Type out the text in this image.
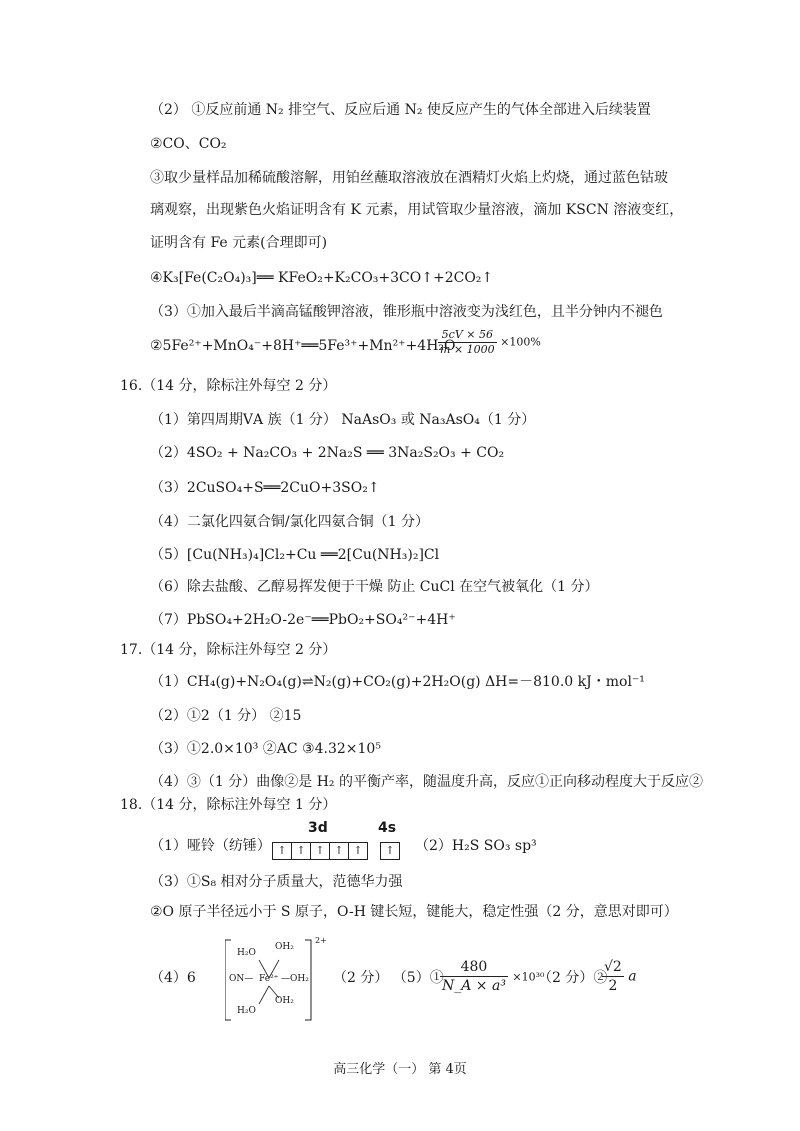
（2） ①反应前通 N₂ 排空气、反应后通 N₂ 使反应产生的气体全部进入后续装置
②CO、CO₂
③取少量样品加稀硫酸溶解，用铂丝蘸取溶液放在酒精灯火焰上灼烧，通过蓝色钴玻
璃观察，出现紫色火焰证明含有 K 元素，用试管取少量溶液，滴加 KSCN 溶液变红，
证明含有 Fe 元素(合理即可)
④K₃[Fe(C₂O₄)₃]══ KFeO₂+K₂CO₃+3CO↑+2CO₂↑
（3）①加入最后半滴高锰酸钾溶液，锥形瓶中溶液变为浅红色，且半分钟内不褪色
②5Fe²⁺+MnO₄⁻+8H⁺══5Fe³⁺+Mn²⁺+4H₂O
$\frac{5cV \times 56}{m \times 1000} \times 100\%$
16.（14 分，除标注外每空 2 分）
（1）第四周期ⅤA 族（1 分） NaAsO₃ 或 Na₃AsO₄（1 分）
（2）4SO₂ + Na₂CO₃ + 2Na₂S ══ 3Na₂S₂O₃ + CO₂
（3）2CuSO₄+S══2CuO+3SO₂↑
（4）二氯化四氨合铜/氯化四氨合铜（1 分）
（5）[Cu(NH₃)₄]Cl₂+Cu ══2[Cu(NH₃)₂]Cl
（6）除去盐酸、乙醇易挥发便于干燥 防止 CuCl 在空气被氧化（1 分）
（7）PbSO₄+2H₂O-2e⁻══PbO₂+SO₄²⁻+4H⁺
17.（14 分，除标注外每空 2 分）
（1）CH₄(g)+N₂O₄(g)⇌N₂(g)+CO₂(g)+2H₂O(g) ΔH=－810.0 kJ・mol⁻¹
（2）①2（1 分） ②15
（3）①2.0×10³ ②AC ③4.32×10⁵
（4）③（1 分）曲像②是 H₂ 的平衡产率，随温度升高，反应①正向移动程度大于反应②
18.（14 分，除标注外每空 1 分）
（1）哑铃（纺锤）
3d	4s
↑ ↑ ↑ ↑ ↑	↑	（2）H₂S SO₃ sp³
（3）①S₈ 相对分子质量大，范德华力强
②O 原子半径远小于 S 原子，O-H 键长短，键能大，稳定性强（2 分，意思对即可）
（4）6
H₂O
OH₂
ON— Fe²⁺ —OH₂
OH₂
H₂O
2+
（2 分） （5）①
$\frac{480}{\text{N\_A × a³}} \times 10^{30}$
（2 分）②
$\frac{√2}{2}$ a
高三化学（一） 第 4页
